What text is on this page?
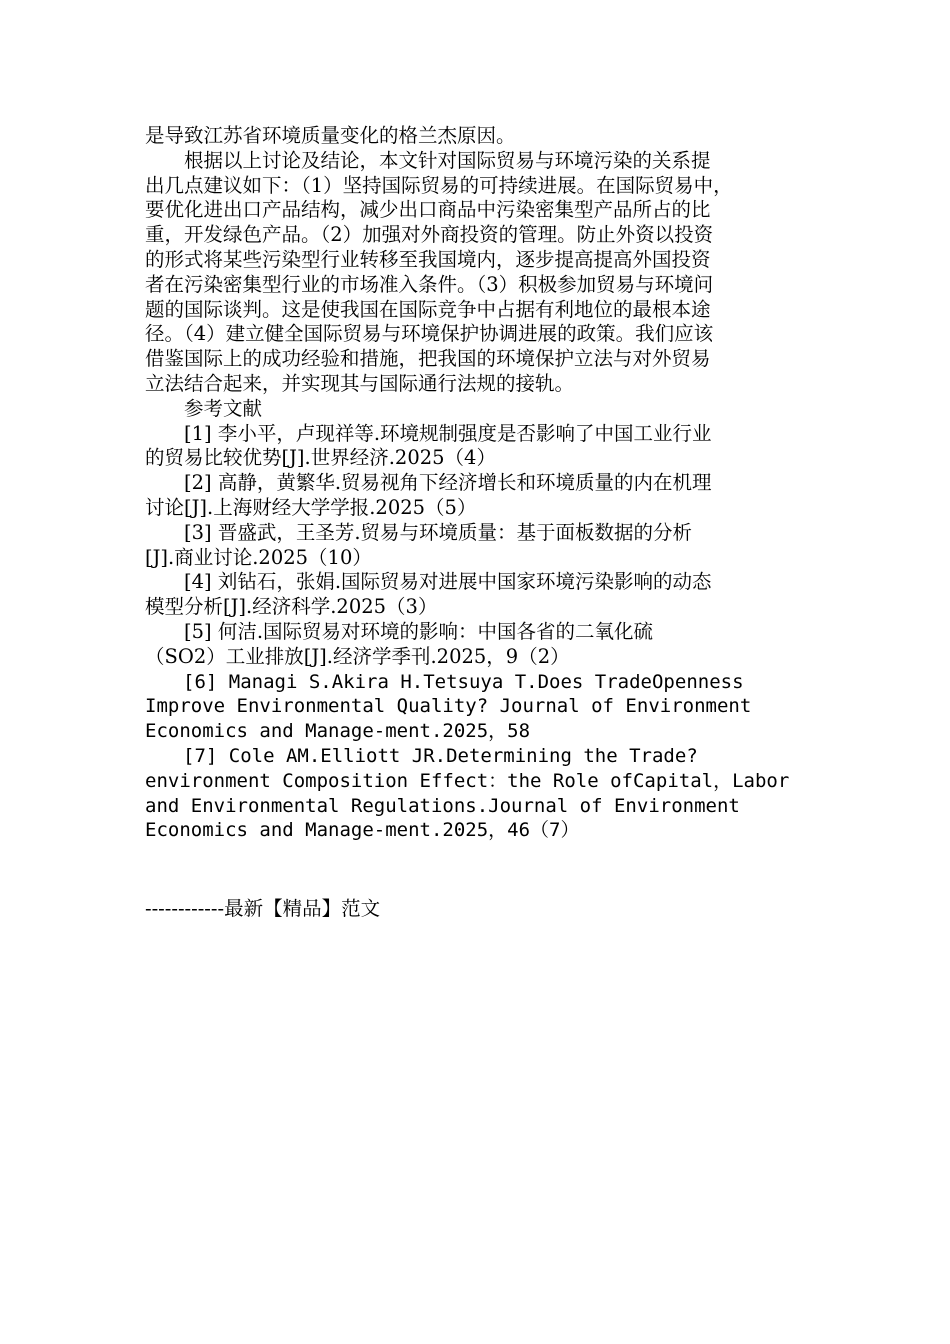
是导致江苏省环境质量变化的格兰杰原因。
　　根据以上讨论及结论，本文针对国际贸易与环境污染的关系提
出几点建议如下：（1）坚持国际贸易的可持续进展。在国际贸易中，
要优化进出口产品结构，减少出口商品中污染密集型产品所占的比
重，开发绿色产品。（2）加强对外商投资的管理。防止外资以投资
的形式将某些污染型行业转移至我国境内，逐步提高提高外国投资
者在污染密集型行业的市场准入条件。（3）积极参加贸易与环境问
题的国际谈判。这是使我国在国际竞争中占据有利地位的最根本途
径。（4）建立健全国际贸易与环境保护协调进展的政策。我们应该
借鉴国际上的成功经验和措施，把我国的环境保护立法与对外贸易
立法结合起来，并实现其与国际通行法规的接轨。
　　参考文献
　　[1] 李小平，卢现祥等.环境规制强度是否影响了中国工业行业
的贸易比较优势[J].世界经济.2025（4）
　　[2] 高静，黄繁华.贸易视角下经济增长和环境质量的内在机理
讨论[J].上海财经大学学报.2025（5）
　　[3] 晋盛武，王圣芳.贸易与环境质量：基于面板数据的分析
[J].商业讨论.2025（10）
　　[4] 刘钻石，张娟.国际贸易对进展中国家环境污染影响的动态
模型分析[J].经济科学.2025（3）
　　[5] 何洁.国际贸易对环境的影响：中国各省的二氧化硫
（SO2）工业排放[J].经济学季刊.2025，9（2）
　　[6] Managi S.Akira H.Tetsuya T.Does TradeOpenness
Improve Environmental Quality? Journal of Environment
Economics and Manage-ment.2025，58
　　[7] Cole AM.Elliott JR.Determining the Trade?
environment Composition Effect：the Role ofCapital，Labor
and Environmental Regulations.Journal of Environment
Economics and Manage-ment.2025，46（7）
------------最新【精品】范文
